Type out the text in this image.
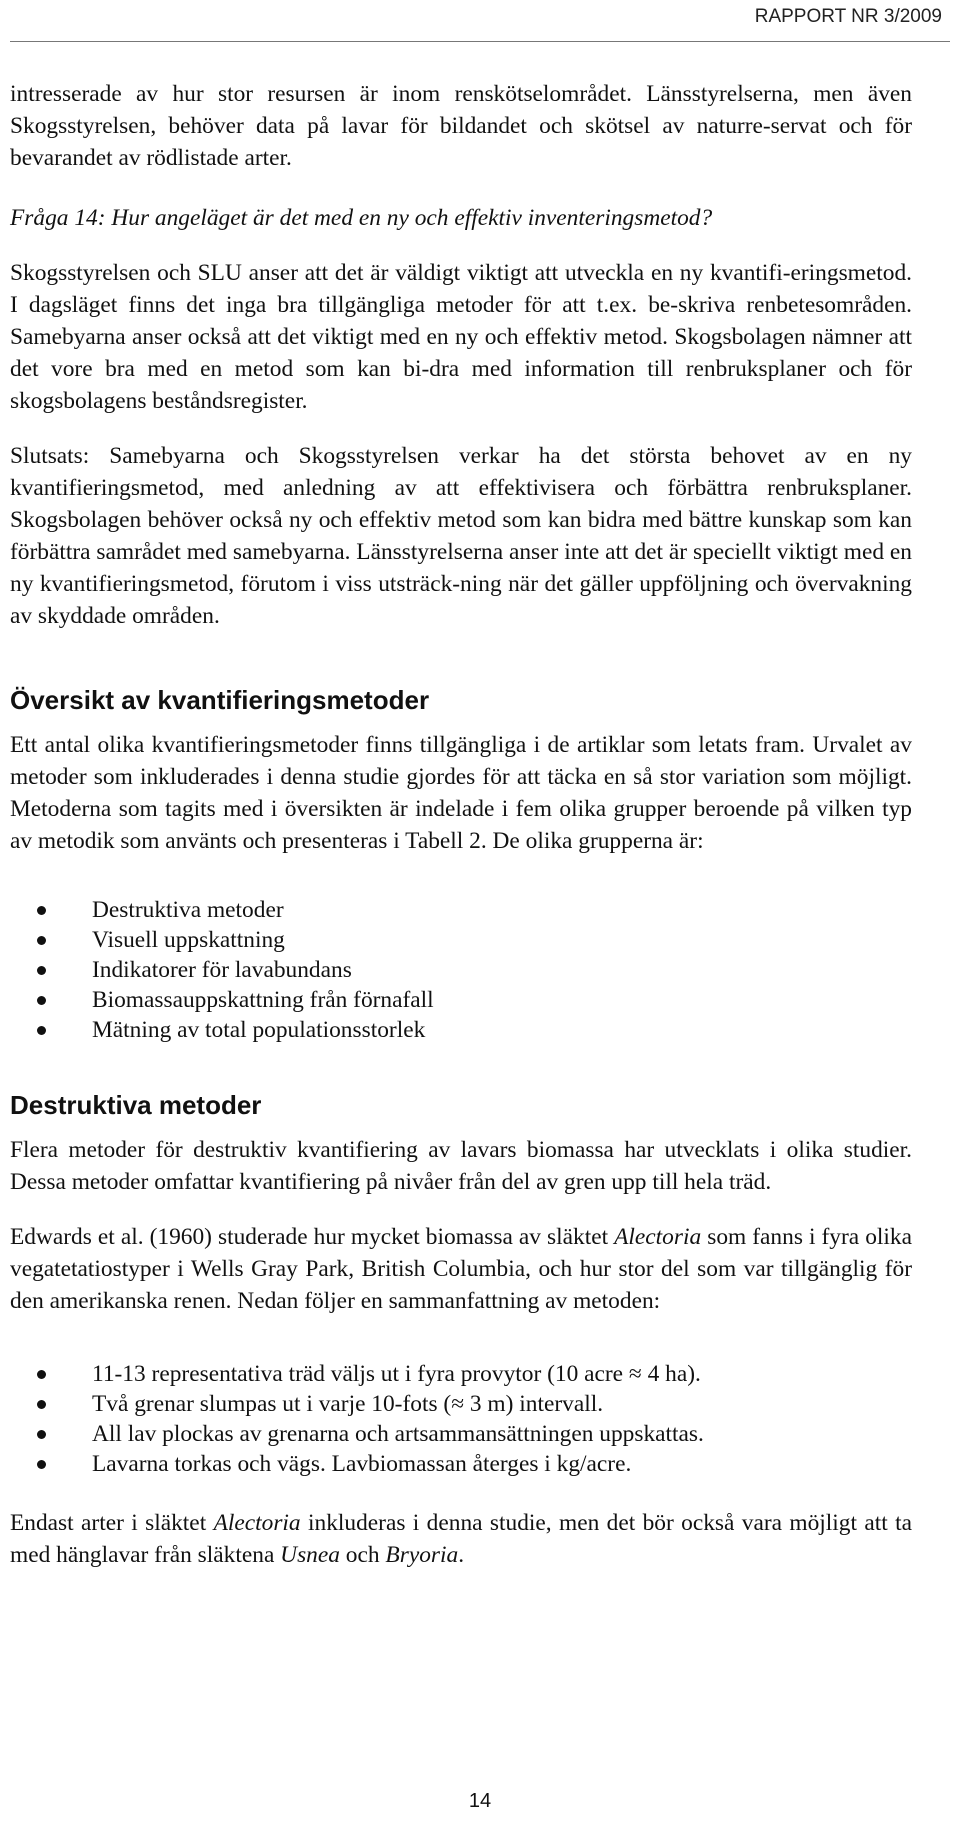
RAPPORT NR 3/2009

intresserade av hur stor resursen är inom renskötselområdet. Länsstyrelserna, men även Skogsstyrelsen, behöver data på lavar för bildandet och skötsel av naturre-servat och för bevarandet av rödlistade arter.

Fråga 14: Hur angeläget är det med en ny och effektiv inventeringsmetod?

Skogsstyrelsen och SLU anser att det är väldigt viktigt att utveckla en ny kvantifi-eringsmetod. I dagsläget finns det inga bra tillgängliga metoder för att t.ex. be-skriva renbetesområden. Samebyarna anser också att det viktigt med en ny och effektiv metod. Skogsbolagen nämner att det vore bra med en metod som kan bi-dra med information till renbruksplaner och för skogsbolagens beståndsregister.

Slutsats: Samebyarna och Skogsstyrelsen verkar ha det största behovet av en ny kvantifieringsmetod, med anledning av att effektivisera och förbättra renbruksplaner. Skogsbolagen behöver också ny och effektiv metod som kan bidra med bättre kunskap som kan förbättra samrådet med samebyarna. Länsstyrelserna anser inte att det är speciellt viktigt med en ny kvantifieringsmetod, förutom i viss utsträck-ning när det gäller uppföljning och övervakning av skyddade områden.

Översikt av kvantifieringsmetoder

Ett antal olika kvantifieringsmetoder finns tillgängliga i de artiklar som letats fram. Urvalet av metoder som inkluderades i denna studie gjordes för att täcka en så stor variation som möjligt. Metoderna som tagits med i översikten är indelade i fem olika grupper beroende på vilken typ av metodik som använts och presenteras i Tabell 2. De olika grupperna är:

Destruktiva metoder
Visuell uppskattning
Indikatorer för lavabundans
Biomassauppskattning från förnafall
Mätning av total populationsstorlek
Destruktiva metoder

Flera metoder för destruktiv kvantifiering av lavars biomassa har utvecklats i olika studier. Dessa metoder omfattar kvantifiering på nivåer från del av gren upp till hela träd.

Edwards et al. (1960) studerade hur mycket biomassa av släktet Alectoria som fanns i fyra olika vegatetatiostyper i Wells Gray Park, British Columbia, och hur stor del som var tillgänglig för den amerikanska renen. Nedan följer en sammanfattning av metoden:

11-13 representativa träd väljs ut i fyra provytor (10 acre ≈ 4 ha).
Två grenar slumpas ut i varje 10-fots (≈ 3 m) intervall.
All lav plockas av grenarna och artsammansättningen uppskattas.
Lavarna torkas och vägs. Lavbiomassan återges i kg/acre.

Endast arter i släktet Alectoria inkluderas i denna studie, men det bör också vara möjligt att ta med hänglavar från släktena Usnea och Bryoria.

14
